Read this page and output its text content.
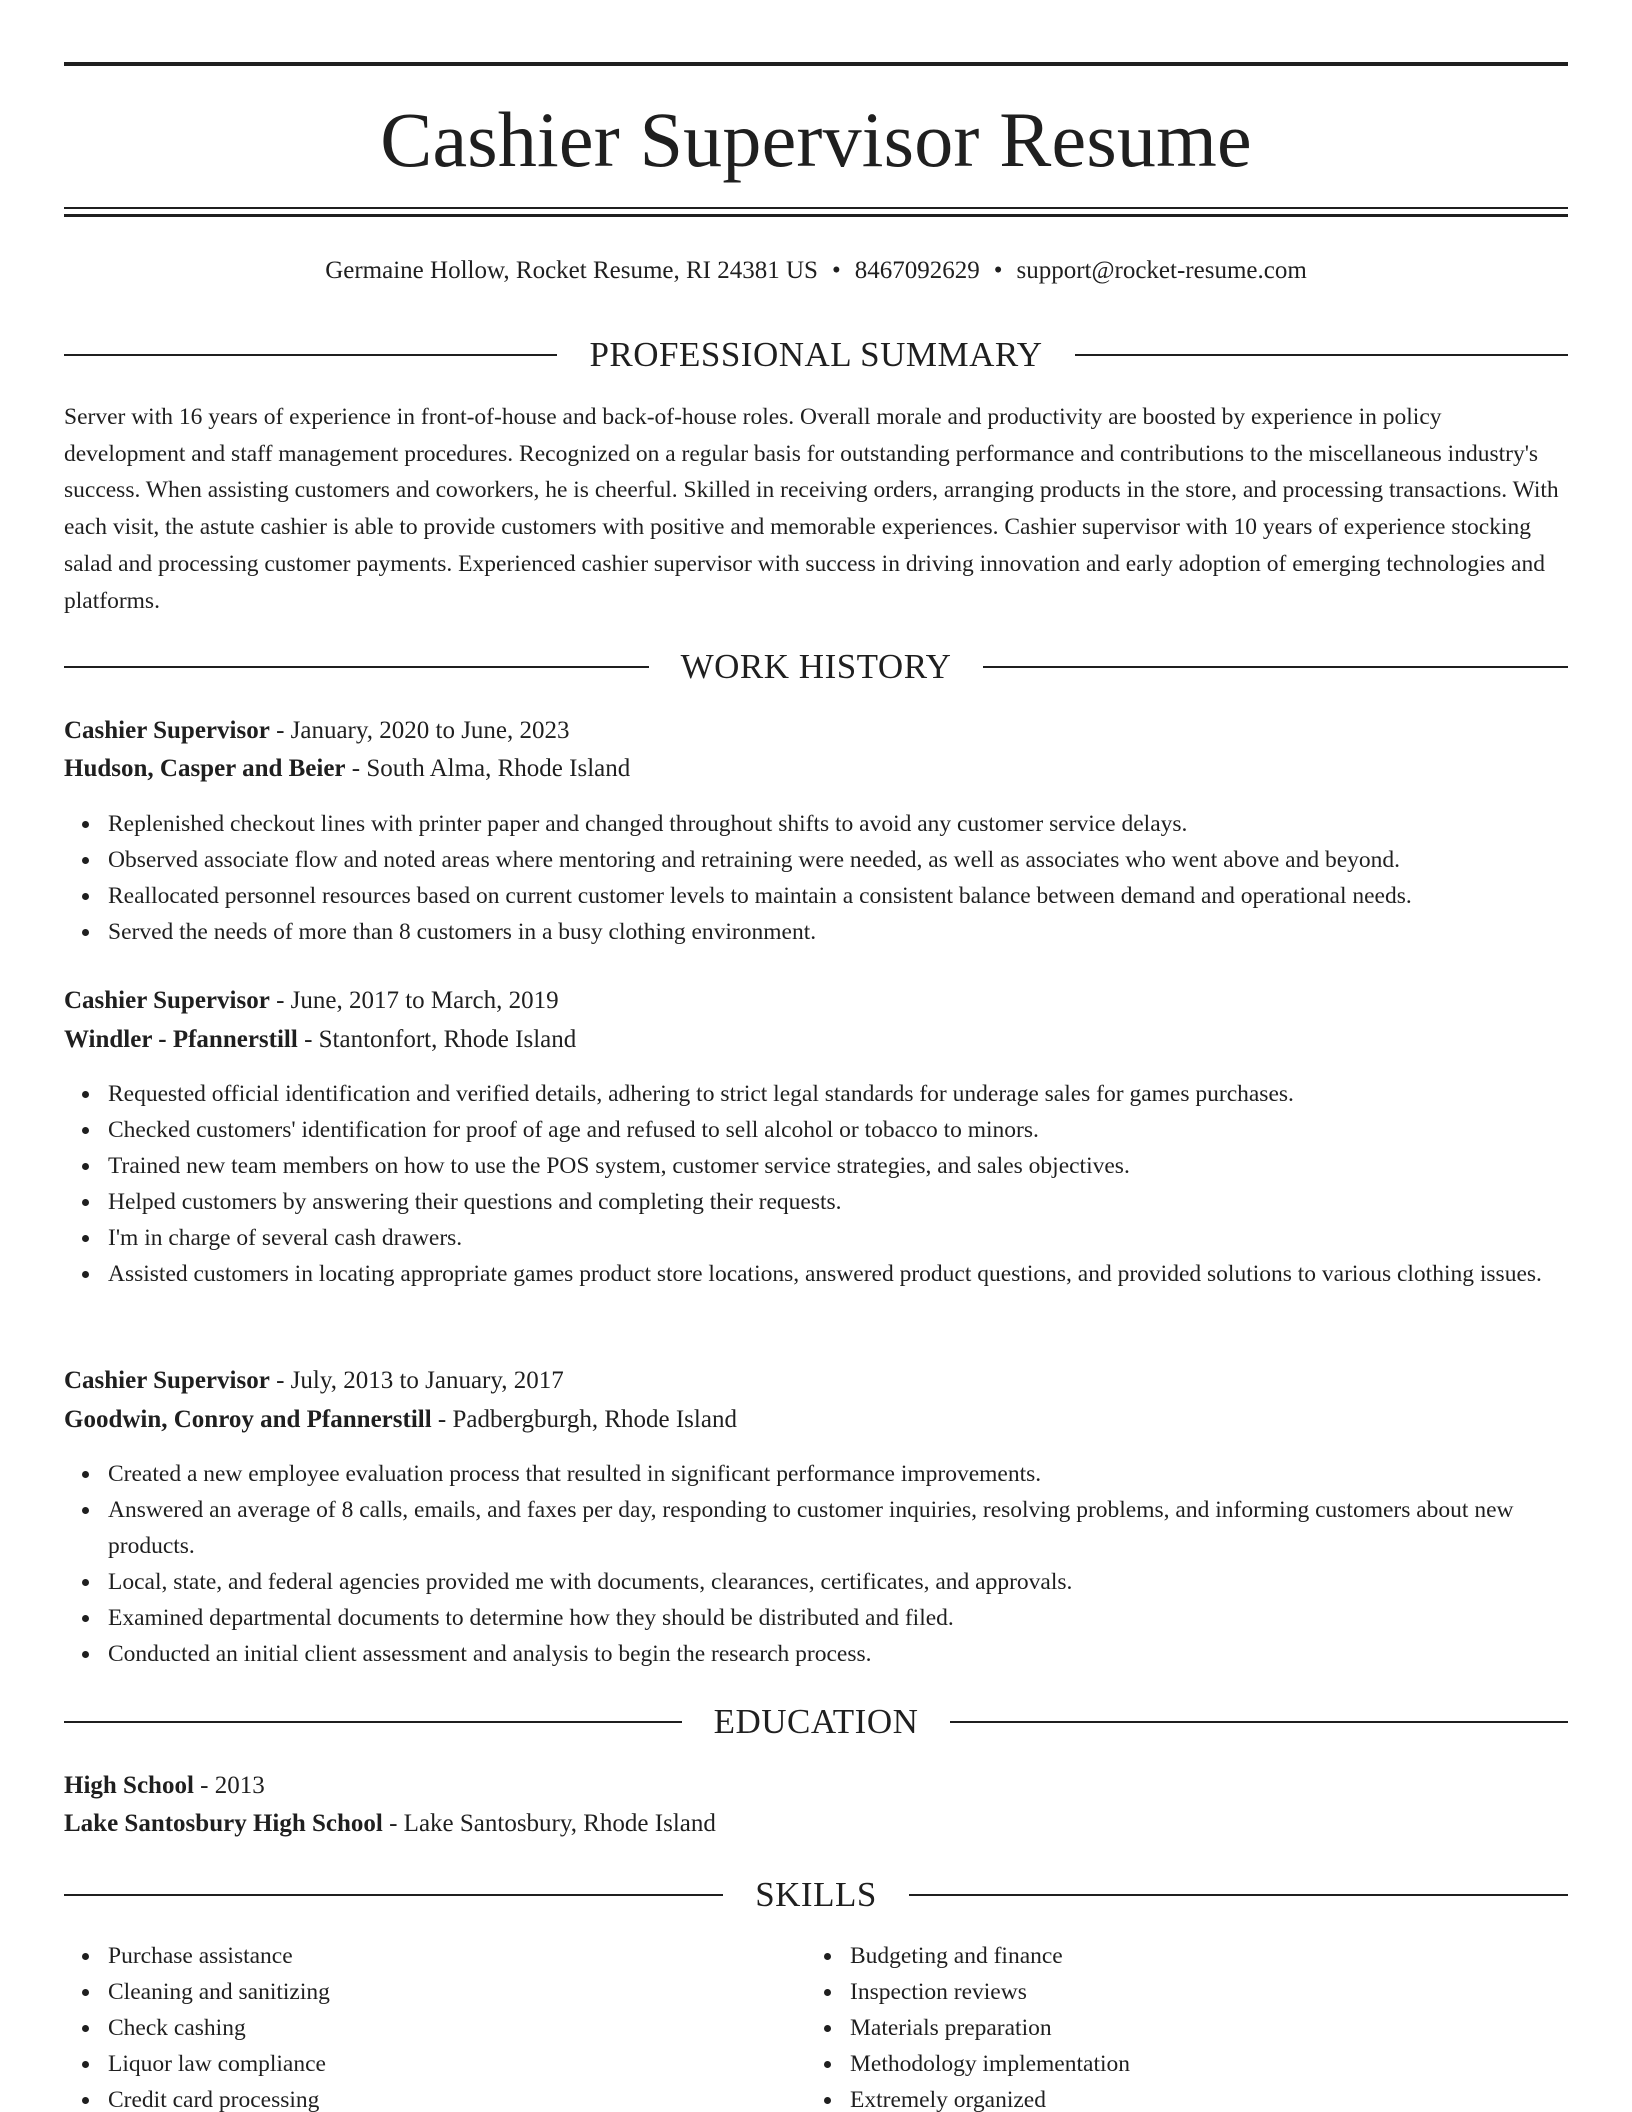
Cashier Supervisor Resume
Germaine Hollow, Rocket Resume, RI 24381 US • 8467092629 • support@rocket-resume.com
PROFESSIONAL SUMMARY

Server with 16 years of experience in front-of-house and back-of-house roles. Overall morale and productivity are boosted by experience in policy development and staff management procedures. Recognized on a regular basis for outstanding performance and contributions to the miscellaneous industry's success. When assisting customers and coworkers, he is cheerful. Skilled in receiving orders, arranging products in the store, and processing transactions. With each visit, the astute cashier is able to provide customers with positive and memorable experiences. Cashier supervisor with 10 years of experience stocking salad and processing customer payments. Experienced cashier supervisor with success in driving innovation and early adoption of emerging technologies and platforms.

WORK HISTORY
Cashier Supervisor - January, 2020 to June, 2023
Hudson, Casper and Beier - South Alma, Rhode Island
Replenished checkout lines with printer paper and changed throughout shifts to avoid any customer service delays.
Observed associate flow and noted areas where mentoring and retraining were needed, as well as associates who went above and beyond.
Reallocated personnel resources based on current customer levels to maintain a consistent balance between demand and operational needs.
Served the needs of more than 8 customers in a busy clothing environment.
Cashier Supervisor - June, 2017 to March, 2019
Windler - Pfannerstill - Stantonfort, Rhode Island
Requested official identification and verified details, adhering to strict legal standards for underage sales for games purchases.
Checked customers' identification for proof of age and refused to sell alcohol or tobacco to minors.
Trained new team members on how to use the POS system, customer service strategies, and sales objectives.
Helped customers by answering their questions and completing their requests.
I'm in charge of several cash drawers.
Assisted customers in locating appropriate games product store locations, answered product questions, and provided solutions to various clothing issues.
Cashier Supervisor - July, 2013 to January, 2017
Goodwin, Conroy and Pfannerstill - Padbergburgh, Rhode Island
Created a new employee evaluation process that resulted in significant performance improvements.
Answered an average of 8 calls, emails, and faxes per day, responding to customer inquiries, resolving problems, and informing customers about new products.
Local, state, and federal agencies provided me with documents, clearances, certificates, and approvals.
Examined departmental documents to determine how they should be distributed and filed.
Conducted an initial client assessment and analysis to begin the research process.
EDUCATION
High School - 2013
Lake Santosbury High School - Lake Santosbury, Rhode Island
SKILLS
Purchase assistance
Cleaning and sanitizing
Check cashing
Liquor law compliance
Credit card processing
Budgeting and finance
Inspection reviews
Materials preparation
Methodology implementation
Extremely organized
